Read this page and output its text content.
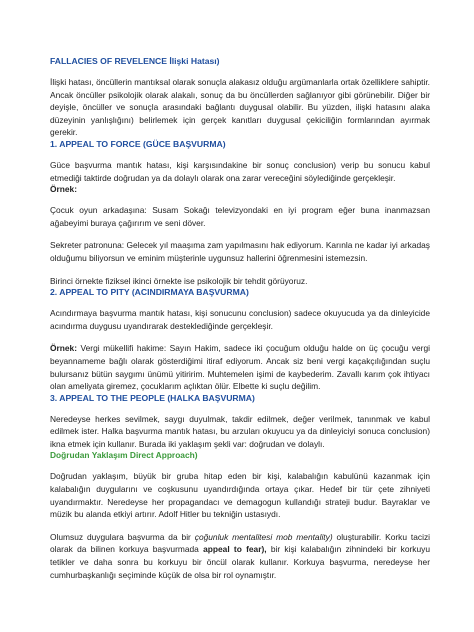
FALLACIES OF REVELENCE İlişki Hatası)

İlişki hatası, öncüllerin mantıksal olarak sonuçla alakasız olduğu argümanlarla ortak özelliklere sahiptir. Ancak öncüller psikolojik olarak alakalı, sonuç da bu öncüllerden sağlanıyor gibi görünebilir. Diğer bir deyişle, öncüller ve sonuçla arasındaki bağlantı duygusal olabilir. Bu yüzden, ilişki hatasını alaka düzeyinin yanlışlığını) belirlemek için gerçek kanıtları duygusal çekiciliğin formlarından ayırmak gerekir.

1. APPEAL TO FORCE (GÜCE BAŞVURMA)

Güce başvurma mantık hatası, kişi karşısındakine bir sonuç conclusion) verip bu sonucu kabul etmediği taktirde doğrudan ya da dolaylı olarak ona zarar vereceğini söylediğinde gerçekleşir.

Örnek:

Çocuk oyun arkadaşına: Susam Sokağı televizyondaki en iyi program eğer buna inanmazsan ağabeyimi buraya çağırırım ve seni döver.

Sekreter patronuna: Gelecek yıl maaşıma zam yapılmasını hak ediyorum. Karınla ne kadar iyi arkadaş olduğumu biliyorsun ve eminim müşterinle uygunsuz hallerini öğrenmesini istemezsin.

Birinci örnekte fiziksel ikinci örnekte ise psikolojik bir tehdit görüyoruz.

2. APPEAL TO PITY (ACINDIRMAYA BAŞVURMA)

Acındırmaya başvurma mantık hatası, kişi sonucunu conclusion) sadece okuyucuda ya da dinleyicide acındırma duygusu uyandırarak desteklediğinde gerçekleşir.

Örnek: Vergi mükellifi hakime: Sayın Hakim, sadece iki çocuğum olduğu halde on üç çocuğu vergi beyannameme bağlı olarak gösterdiğimi itiraf ediyorum. Ancak siz beni vergi kaçakçılığından suçlu bulursanız bütün saygımı ünümü yitiririm. Muhtemelen işimi de kaybederim. Zavallı karım çok ihtiyacı olan ameliyata giremez, çocuklarım açlıktan ölür. Elbette ki suçlu değilim.

3. APPEAL TO THE PEOPLE (HALKA BAŞVURMA)

Neredeyse herkes sevilmek, saygı duyulmak, takdir edilmek, değer verilmek, tanınmak ve kabul edilmek ister. Halka başvurma mantık hatası, bu arzuları okuyucu ya da dinleyiciyi sonuca conclusion) ikna etmek için kullanır. Burada iki yaklaşım şekli var: doğrudan ve dolaylı.

Doğrudan Yaklaşım Direct Approach)

Doğrudan yaklaşım, büyük bir gruba hitap eden bir kişi, kalabalığın kabulünü kazanmak için kalabalığın duygularını ve coşkusunu uyandırdığında ortaya çıkar. Hedef bir tür çete zihniyeti uyandırmaktır. Neredeyse her propagandacı ve demagogun kullandığı strateji budur. Bayraklar ve müzik bu alanda etkiyi artırır. Adolf Hitler bu tekniğin ustasıydı.

Olumsuz duygulara başvurma da bir çoğunluk mentalitesi mob mentality) oluşturabilir. Korku tacizi olarak da bilinen korkuya başvurmada appeal to fear), bir kişi kalabalığın zihnindeki bir korkuyu tetikler ve daha sonra bu korkuyu bir öncül olarak kullanır. Korkuya başvurma, neredeyse her cumhurbaşkanlığı seçiminde küçük de olsa bir rol oynamıştır.
